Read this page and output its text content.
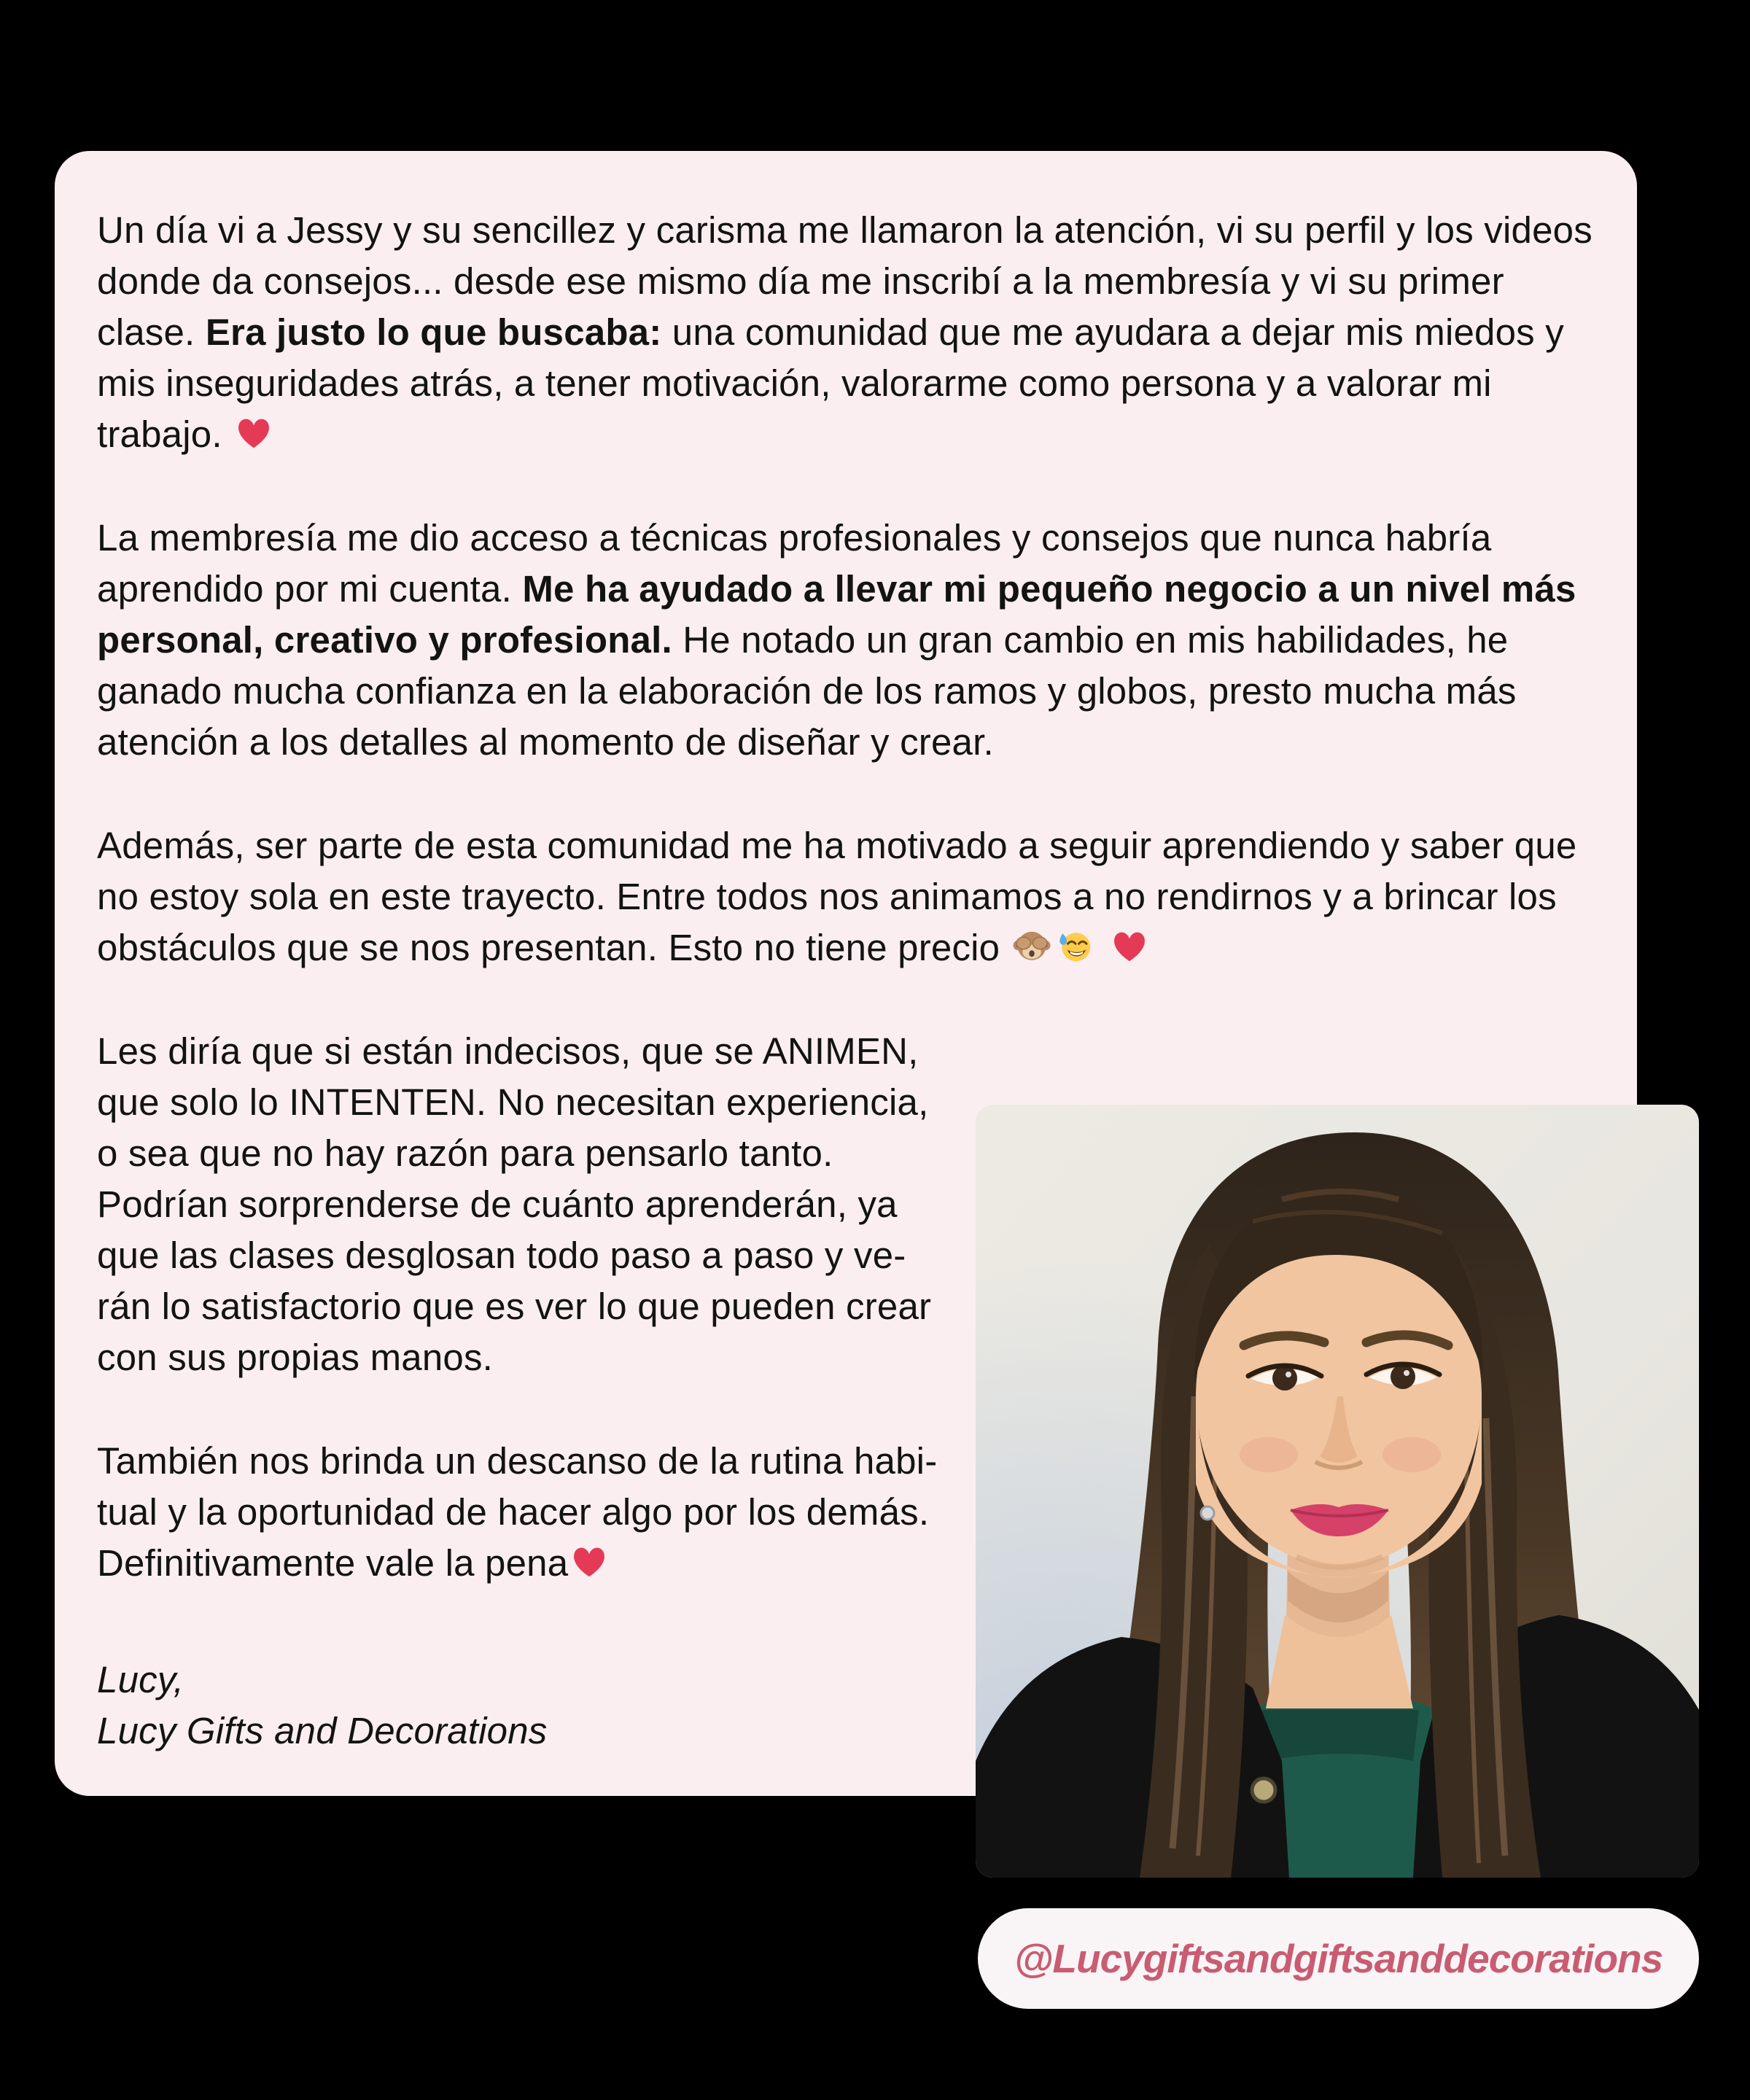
Un día vi a Jessy y su sencillez y carisma me llamaron la atención, vi su perfil y los videos donde da consejos... desde ese mismo día me inscribí a la membresía y vi su primer clase. Era justo lo que buscaba: una comunidad que me ayudara a dejar mis miedos y mis inseguridades atrás, a tener motivación, valorarme como persona y a valorar mi trabajo.

La membresía me dio acceso a técnicas profesionales y consejos que nunca habría aprendido por mi cuenta. Me ha ayudado a llevar mi pequeño negocio a un nivel más personal, creativo y profesional. He notado un gran cambio en mis habilidades, he ganado mucha confianza en la elaboración de los ramos y globos, presto mucha más atención a los detalles al momento de diseñar y crear.

Además, ser parte de esta comunidad me ha motivado a seguir aprendiendo y saber que no estoy sola en este trayecto. Entre todos nos animamos a no rendirnos y a brincar los obstáculos que se nos presentan. Esto no tiene precio

Les diría que si están indecisos, que se ANIMEN, que solo lo INTENTEN. No necesitan experiencia, o sea que no hay razón para pensarlo tanto. Podrían sorprenderse de cuánto aprenderán, ya que las clases desglosan todo paso a paso y verán lo satisfactorio que es ver lo que pueden crear con sus propias manos.

También nos brinda un descanso de la rutina habitual y la oportunidad de hacer algo por los demás. Definitivamente vale la pena

Lucy,
Lucy Gifts and Decorations

@Lucygiftsandgiftsanddecorations
